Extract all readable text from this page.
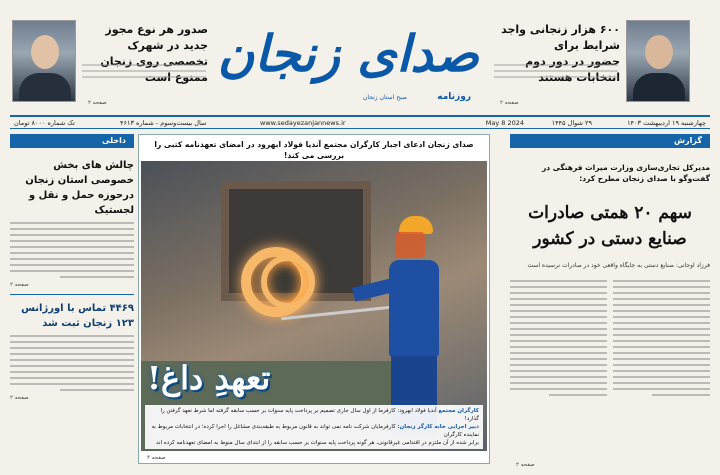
۶۰۰ هزار زنجانی واجد شرایط برای
حضور در دور دوم انتخابات هستند
صفحه ۲
صدای زنجان
روزنامه
صبح استان زنجان
صدور هر نوع مجوز جدید در شهرک
تخصصی روی زنجان ممنوع است
صفحه ۲
چهارشنبه ۱۹ اردیبهشت ۱۴۰۳
۲۹ شوال ۱۴۴۵
May 8 2024
www.sedayezanjannews.ir
سال بیست‌وسوم - شماره ۴۶۱۳
تک شماره ۸۰۰۰ تومان
داخلی
چالش های بخش خصوصی استان زنجان درحوزه حمل و نقل و لجستیک
صفحه ۲
۴۴۶۹ تماس با اورژانس ۱۲۳ زنجان ثبت شد
صفحه ۲
صدای زنجان ادعای اجبار کارگران مجتمع آندیا فولاد ابهرود در امضای تعهدنامه کتبی را بررسی می کند!
تعهدِ داغ!
کارگران مجتمع آندیا فولاد ابهرود: کارفرما از اول سال جاری تصمیم بر پرداخت پایه سنوات بر حسب سابقه گرفته اما شرط تعهد گرفتن را گذارد!
دبیر اجرایی خانه کارگر زنجان: کارفرمایان شرکت نامه نمی تواند به قانون مربوط به طبقه‌بندی مشاغل را اجرا کرده؛ در انتخابات مربوط به نماینده کارگران
برابر شده از آن ملتزم در اقتدامی غیرقانونی، هر گونه پرداخت پایه سنوات بر حسب سابقه را از ابتدای سال منوط به امضای تعهدنامه کرده اند
صفحه ۴
گزارش
مدیرکل تجاری‌سازی وزارت میراث فرهنگی در گفت‌وگو با صدای زنجان مطرح کرد:
سهم ۲۰ همتی صادرات
صنایع دستی در کشور
فرزاد اوجانی: صنایع دستی به جایگاه واقعی خود در صادرات نرسیده است
صفحه ۲
